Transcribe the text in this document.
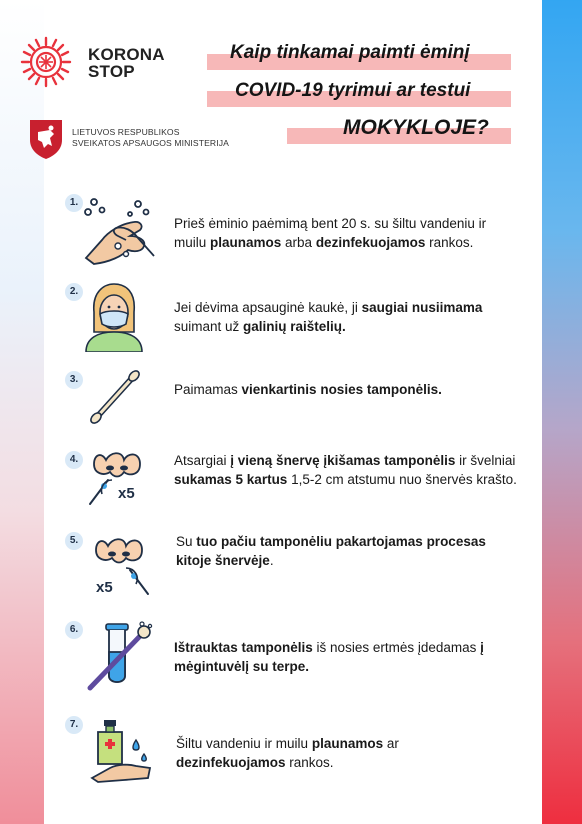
KORONA
STOP
LIETUVOS RESPUBLIKOS
SVEIKATOS APSAUGOS MINISTERIJA
Kaip tinkamai paimti ėminį
COVID-19 tyrimui ar testui
MOKYKLOJE?
1.
Prieš ėminio paėmimą bent 20 s. su šiltu vandeniu ir muilu plaunamos arba dezinfekuojamos rankos.
2.
Jei dėvima apsauginė kaukė, ji saugiai nusiimama suimant už galinių raištelių.
3.
Paimamas vienkartinis nosies tamponėlis.
4.
x5
Atsargiai į vieną šnervę įkišamas tamponėlis ir švelniai sukamas 5 kartus 1,5-2 cm atstumu nuo šnervės krašto.
5.
x5
Su tuo pačiu tamponėliu pakartojamas procesas kitoje šnervėje.
6.
Ištrauktas tamponėlis iš nosies ertmės įdedamas į mėgintuvėlį su terpe.
7.
Šiltu vandeniu ir muilu plaunamos ar dezinfekuojamos rankos.
